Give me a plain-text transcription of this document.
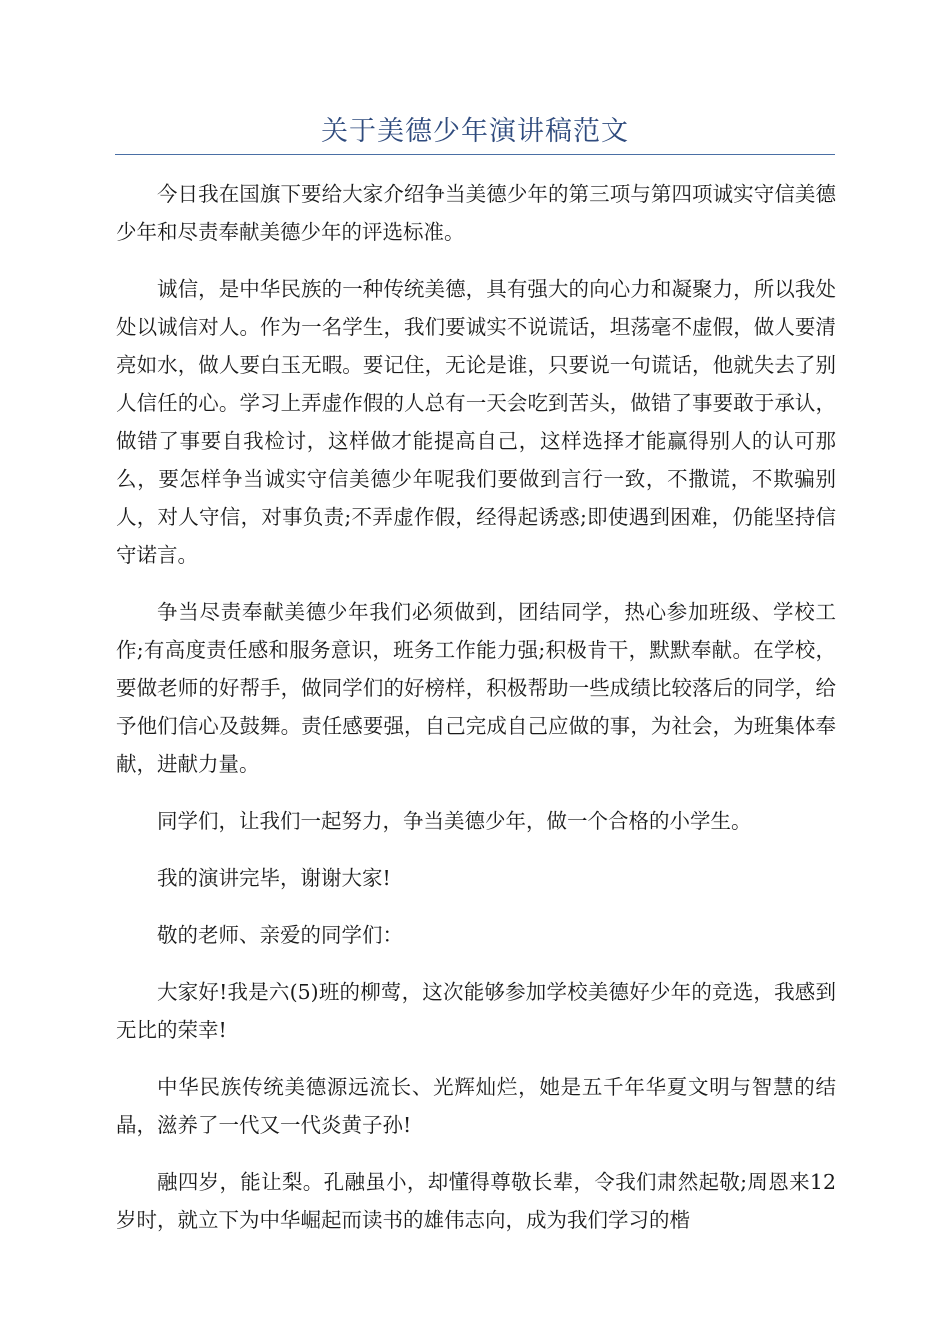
关于美德少年演讲稿范文

今日我在国旗下要给大家介绍争当美德少年的第三项与第四项诚实守信美德少年和尽责奉献美德少年的评选标准。

诚信，是中华民族的一种传统美德，具有强大的向心力和凝聚力，所以我处处以诚信对人。作为一名学生，我们要诚实不说谎话，坦荡毫不虚假，做人要清亮如水，做人要白玉无暇。要记住，无论是谁，只要说一句谎话，他就失去了别人信任的心。学习上弄虚作假的人总有一天会吃到苦头，做错了事要敢于承认，做错了事要自我检讨，这样做才能提高自己，这样选择才能赢得别人的认可那么，要怎样争当诚实守信美德少年呢我们要做到言行一致，不撒谎，不欺骗别人，对人守信，对事负责;不弄虚作假，经得起诱惑;即使遇到困难，仍能坚持信守诺言。

争当尽责奉献美德少年我们必须做到，团结同学，热心参加班级、学校工作;有高度责任感和服务意识，班务工作能力强;积极肯干，默默奉献。在学校，要做老师的好帮手，做同学们的好榜样，积极帮助一些成绩比较落后的同学，给予他们信心及鼓舞。责任感要强，自己完成自己应做的事，为社会，为班集体奉献，进献力量。

同学们，让我们一起努力，争当美德少年，做一个合格的小学生。

我的演讲完毕，谢谢大家!

敬的老师、亲爱的同学们：

大家好!我是六(5)班的柳莺，这次能够参加学校美德好少年的竞选，我感到无比的荣幸!

中华民族传统美德源远流长、光辉灿烂，她是五千年华夏文明与智慧的结晶，滋养了一代又一代炎黄子孙!

融四岁，能让梨。孔融虽小，却懂得尊敬长辈，令我们肃然起敬;周恩来12岁时，就立下为中华崛起而读书的雄伟志向，成为我们学习的楷
